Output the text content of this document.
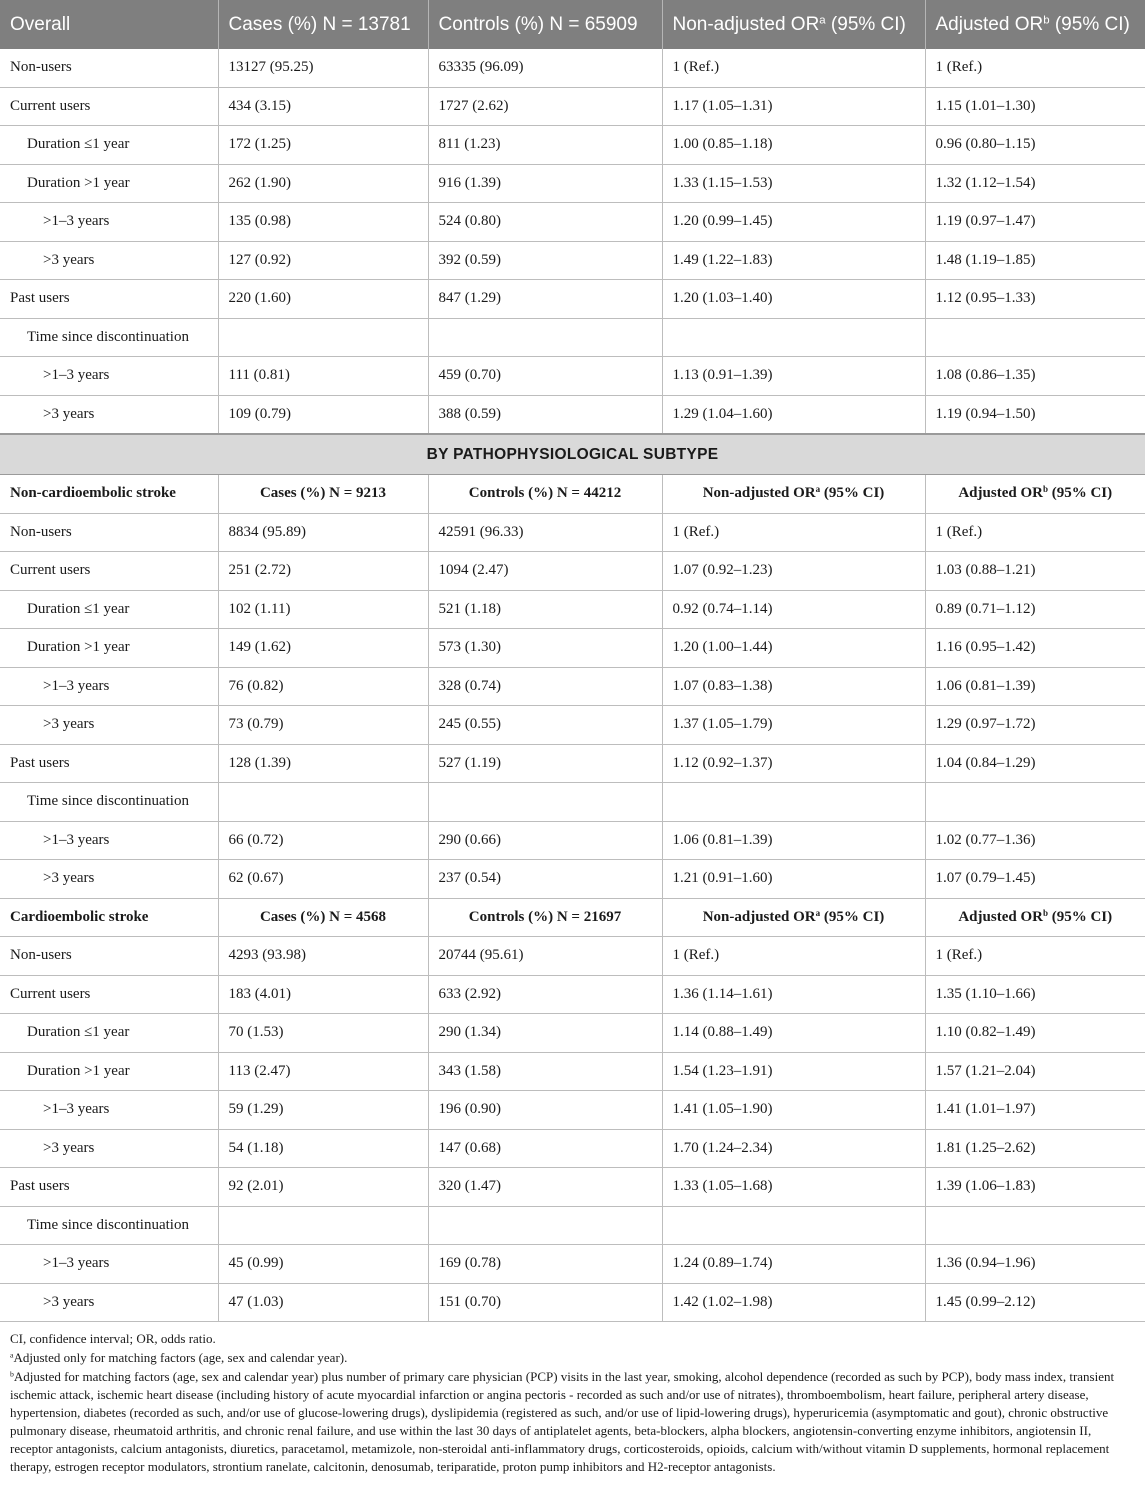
Overall	Cases (%) N = 13781	Controls (%) N = 65909	Non-adjusted $OR^a$ (95% CI)	Adjusted $OR^b$ (95% CI)
Non-users	13127 (95.25)	63335 (96.09)	1 (Ref.)	1 (Ref.)
Current users	434 (3.15)	1727 (2.62)	1.17 (1.05–1.31)	1.15 (1.01–1.30)
Duration ≤1 year	172 (1.25)	811 (1.23)	1.00 (0.85–1.18)	0.96 (0.80–1.15)
Duration >1 year	262 (1.90)	916 (1.39)	1.33 (1.15–1.53)	1.32 (1.12–1.54)
>1–3 years	135 (0.98)	524 (0.80)	1.20 (0.99–1.45)	1.19 (0.97–1.47)
>3 years	127 (0.92)	392 (0.59)	1.49 (1.22–1.83)	1.48 (1.19–1.85)
Past users	220 (1.60)	847 (1.29)	1.20 (1.03–1.40)	1.12 (0.95–1.33)
Time since discontinuation				
>1–3 years	111 (0.81)	459 (0.70)	1.13 (0.91–1.39)	1.08 (0.86–1.35)
>3 years	109 (0.79)	388 (0.59)	1.29 (1.04–1.60)	1.19 (0.94–1.50)
BY PATHOPHYSIOLOGICAL SUBTYPE				
Non-cardioembolic stroke	Cases (%) N = 9213	Controls (%) N = 44212	Non-adjusted $OR^a$ (95% CI)	Adjusted $OR^b$ (95% CI)
Non-users	8834 (95.89)	42591 (96.33)	1 (Ref.)	1 (Ref.)
Current users	251 (2.72)	1094 (2.47)	1.07 (0.92–1.23)	1.03 (0.88–1.21)
Duration ≤1 year	102 (1.11)	521 (1.18)	0.92 (0.74–1.14)	0.89 (0.71–1.12)
Duration >1 year	149 (1.62)	573 (1.30)	1.20 (1.00–1.44)	1.16 (0.95–1.42)
>1–3 years	76 (0.82)	328 (0.74)	1.07 (0.83–1.38)	1.06 (0.81–1.39)
>3 years	73 (0.79)	245 (0.55)	1.37 (1.05–1.79)	1.29 (0.97–1.72)
Past users	128 (1.39)	527 (1.19)	1.12 (0.92–1.37)	1.04 (0.84–1.29)
Time since discontinuation				
>1–3 years	66 (0.72)	290 (0.66)	1.06 (0.81–1.39)	1.02 (0.77–1.36)
>3 years	62 (0.67)	237 (0.54)	1.21 (0.91–1.60)	1.07 (0.79–1.45)
Cardioembolic stroke	Cases (%) N = 4568	Controls (%) N = 21697	Non-adjusted $OR^a$ (95% CI)	Adjusted $OR^b$ (95% CI)
Non-users	4293 (93.98)	20744 (95.61)	1 (Ref.)	1 (Ref.)
Current users	183 (4.01)	633 (2.92)	1.36 (1.14–1.61)	1.35 (1.10–1.66)
Duration ≤1 year	70 (1.53)	290 (1.34)	1.14 (0.88–1.49)	1.10 (0.82–1.49)
Duration >1 year	113 (2.47)	343 (1.58)	1.54 (1.23–1.91)	1.57 (1.21–2.04)
>1–3 years	59 (1.29)	196 (0.90)	1.41 (1.05–1.90)	1.41 (1.01–1.97)
>3 years	54 (1.18)	147 (0.68)	1.70 (1.24–2.34)	1.81 (1.25–2.62)
Past users	92 (2.01)	320 (1.47)	1.33 (1.05–1.68)	1.39 (1.06–1.83)
Time since discontinuation				
>1–3 years	45 (0.99)	169 (0.78)	1.24 (0.89–1.74)	1.36 (0.94–1.96)
>3 years	47 (1.03)	151 (0.70)	1.42 (1.02–1.98)	1.45 (0.99–2.12)

CI, confidence interval; OR, odds ratio.

$^a$Adjusted only for matching factors (age, sex and calendar year).

$^b$Adjusted for matching factors (age, sex and calendar year) plus number of primary care physician (PCP) visits in the last year, smoking, alcohol dependence (recorded as such by PCP), body mass index, transient ischemic attack, ischemic heart disease (including history of acute myocardial infarction or angina pectoris - recorded as such and/or use of nitrates), thromboembolism, heart failure, peripheral artery disease, hypertension, diabetes (recorded as such, and/or use of glucose-lowering drugs), dyslipidemia (registered as such, and/or use of lipid-lowering drugs), hyperuricemia (asymptomatic and gout), chronic obstructive pulmonary disease, rheumatoid arthritis, and chronic renal failure, and use within the last 30 days of antiplatelet agents, beta-blockers, alpha blockers, angiotensin-converting enzyme inhibitors, angiotensin II, receptor antagonists, calcium antagonists, diuretics, paracetamol, metamizole, non-steroidal anti-inflammatory drugs, corticosteroids, opioids, calcium with/without vitamin D supplements, hormonal replacement therapy, estrogen receptor modulators, strontium ranelate, calcitonin, denosumab, teriparatide, proton pump inhibitors and H2-receptor antagonists.
